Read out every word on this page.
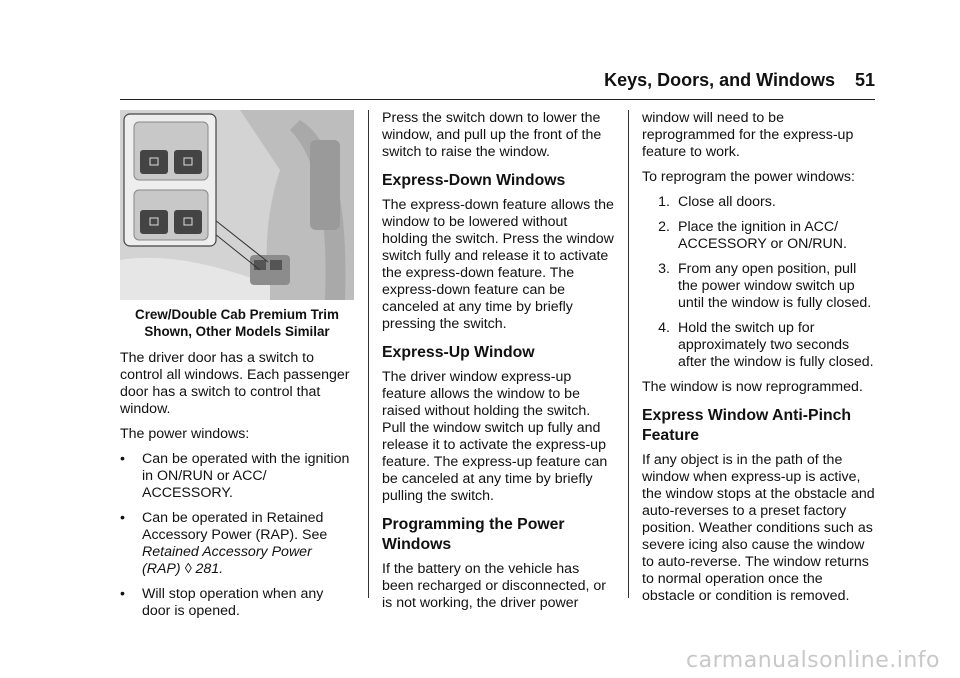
Keys, Doors, and Windows    51
Crew/Double Cab Premium Trim
Shown, Other Models Similar

The driver door has a switch to control all windows. Each passenger door has a switch to control that window.

The power windows:

•	Can be operated with the ignition in ON/RUN or ACC/ ACCESSORY.
•	Can be operated in Retained Accessory Power (RAP). See Retained Accessory Power (RAP) ◊ 281.
•	Will stop operation when any door is opened.

Press the switch down to lower the window, and pull up the front of the switch to raise the window.

Express-Down Windows

The express-down feature allows the window to be lowered without holding the switch. Press the window switch fully and release it to activate the express-down feature. The express-down feature can be canceled at any time by briefly pressing the switch.

Express-Up Window

The driver window express-up feature allows the window to be raised without holding the switch. Pull the window switch up fully and release it to activate the express-up feature. The express-up feature can be canceled at any time by briefly pulling the switch.

Programming the Power Windows

If the battery on the vehicle has been recharged or disconnected, or is not working, the driver power

window will need to be reprogrammed for the express-up feature to work.

To reprogram the power windows:

1. Close all doors.
2. Place the ignition in ACC/ ACCESSORY or ON/RUN.
3. From any open position, pull the power window switch up until the window is fully closed.
4. Hold the switch up for approximately two seconds after the window is fully closed.

The window is now reprogrammed.

Express Window Anti-Pinch Feature

If any object is in the path of the window when express-up is active, the window stops at the obstacle and auto-reverses to a preset factory position. Weather conditions such as severe icing also cause the window to auto-reverse. The window returns to normal operation once the obstacle or condition is removed.

carmanualsonline.info
